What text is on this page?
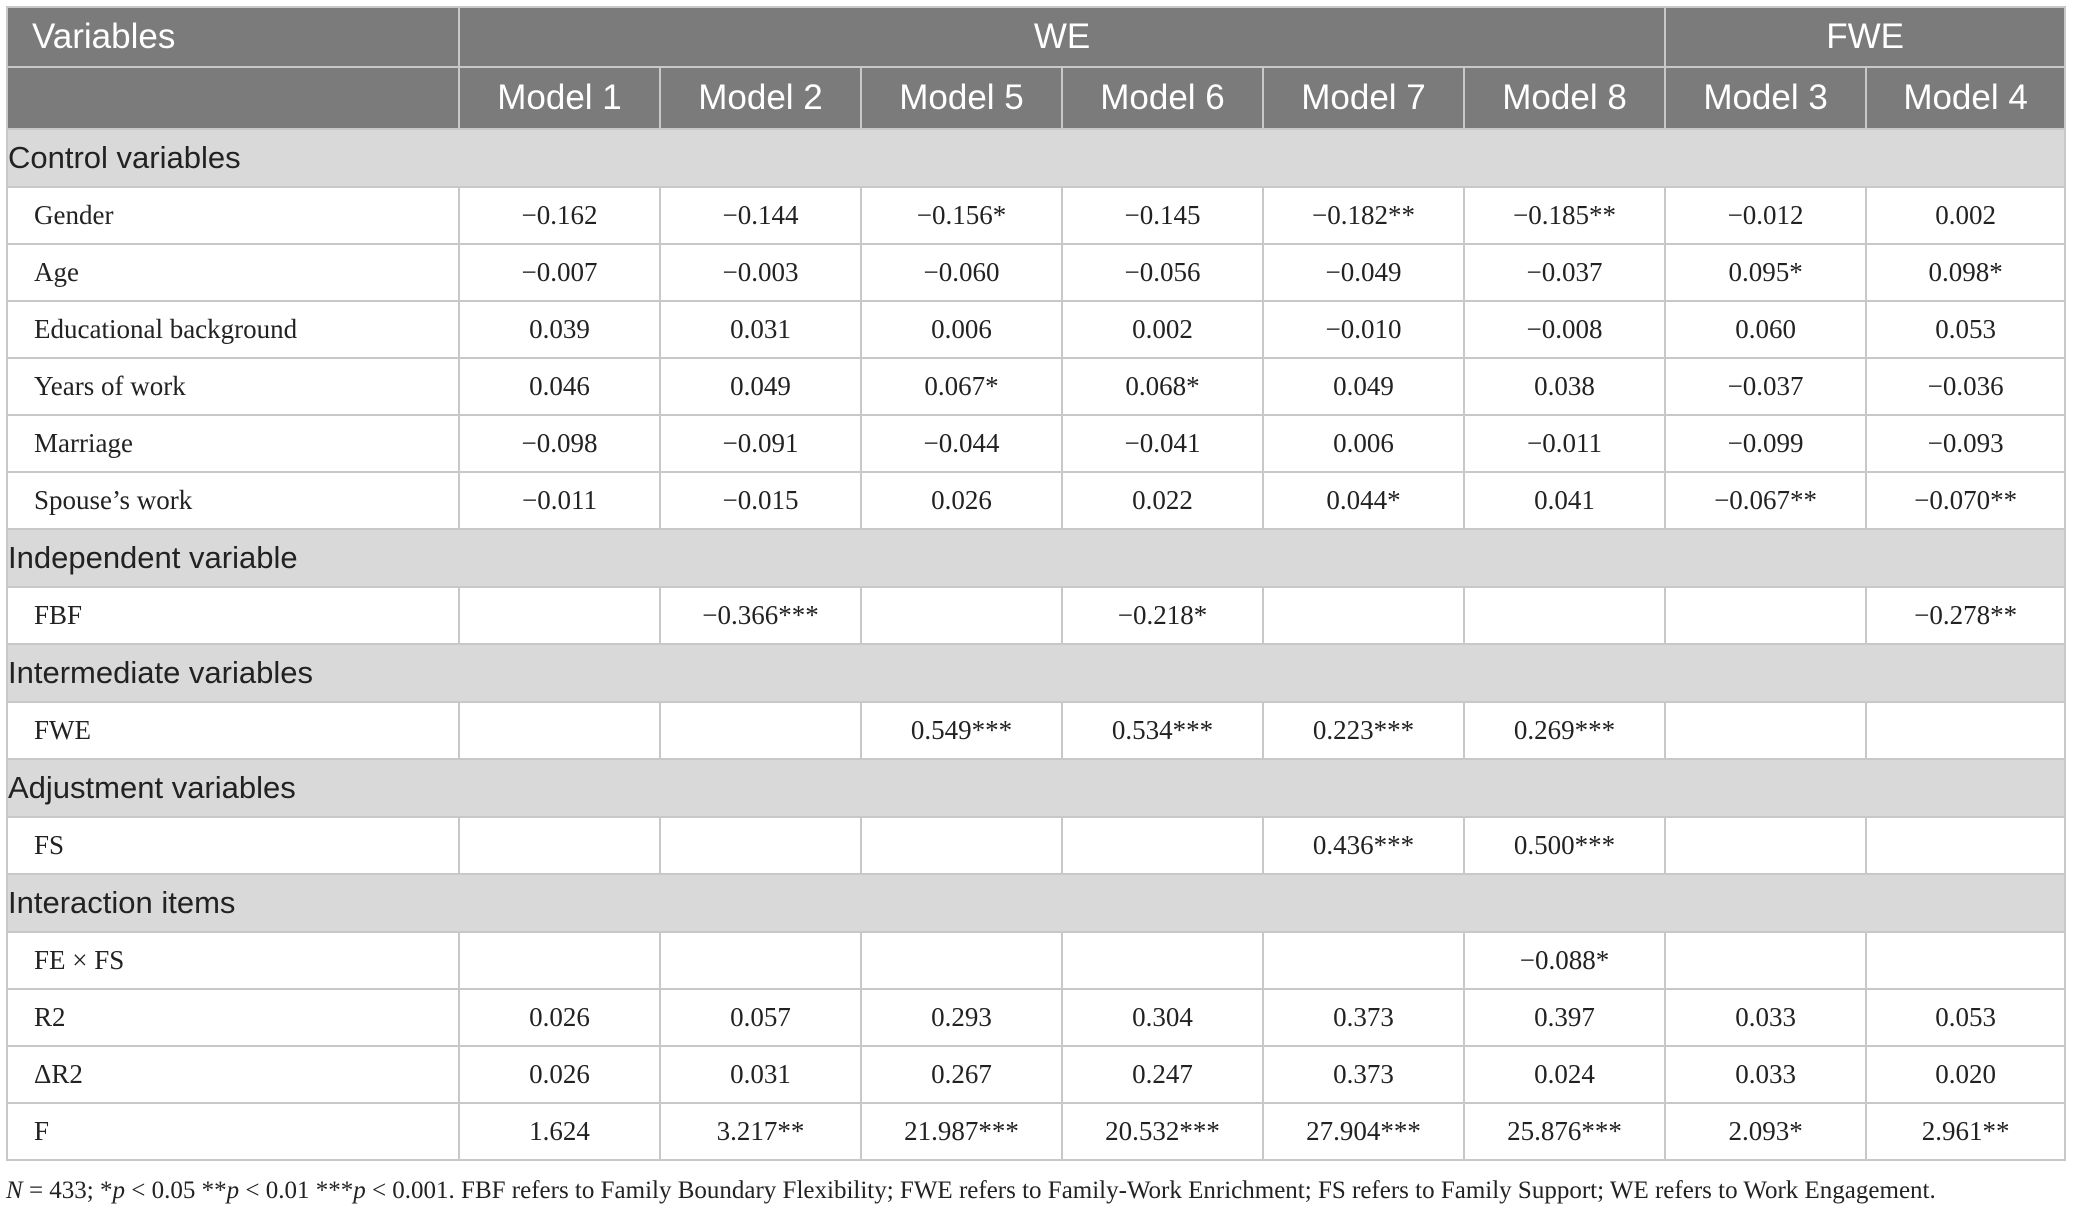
Variables	WE						FWE	
	Model 1	Model 2	Model 5	Model 6	Model 7	Model 8	Model 3	Model 4
Control variables								
Gender	−0.162	−0.144	−0.156*	−0.145	−0.182**	−0.185**	−0.012	0.002
Age	−0.007	−0.003	−0.060	−0.056	−0.049	−0.037	0.095*	0.098*
Educational background	0.039	0.031	0.006	0.002	−0.010	−0.008	0.060	0.053
Years of work	0.046	0.049	0.067*	0.068*	0.049	0.038	−0.037	−0.036
Marriage	−0.098	−0.091	−0.044	−0.041	0.006	−0.011	−0.099	−0.093
Spouse’s work	−0.011	−0.015	0.026	0.022	0.044*	0.041	−0.067**	−0.070**
Independent variable								
FBF		−0.366***		−0.218*				−0.278**
Intermediate variables								
FWE			0.549***	0.534***	0.223***	0.269***		
Adjustment variables								
FS					0.436***	0.500***		
Interaction items								
FE × FS						−0.088*		
R2	0.026	0.057	0.293	0.304	0.373	0.397	0.033	0.053
ΔR2	0.026	0.031	0.267	0.247	0.373	0.024	0.033	0.020
F	1.624	3.217**	21.987***	20.532***	27.904***	25.876***	2.093*	2.961**
N = 433; *p < 0.05 **p < 0.01 ***p < 0.001. FBF refers to Family Boundary Flexibility; FWE refers to Family-Work Enrichment; FS refers to Family Support; WE refers to Work Engagement.
